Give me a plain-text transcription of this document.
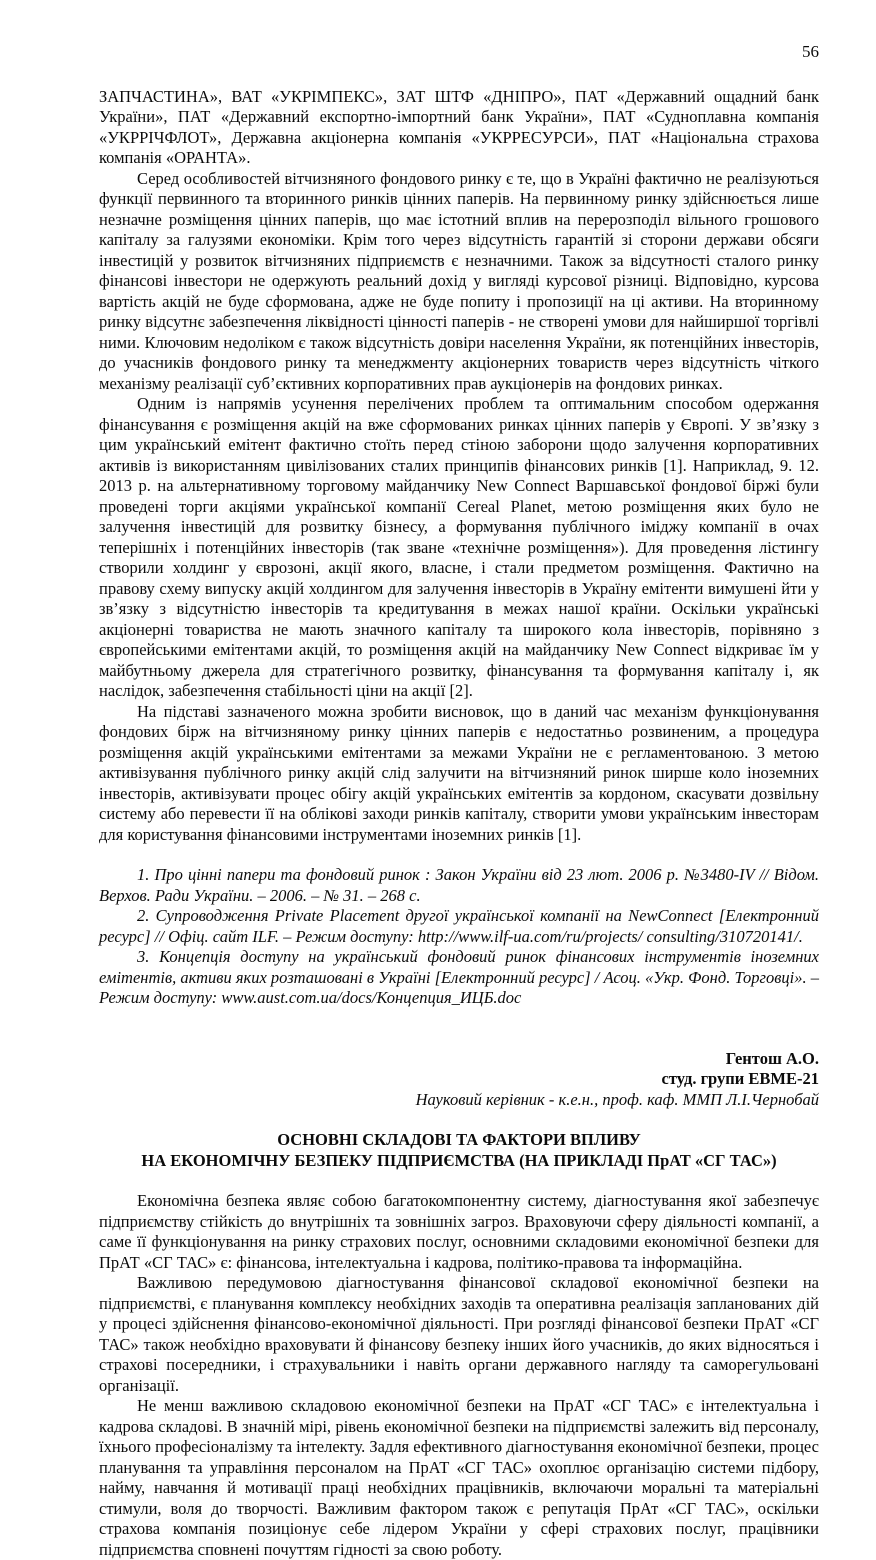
56

ЗАПЧАСТИНА», ВАТ «УКРІМПЕКС», ЗАТ ШТФ «ДНІПРО», ПАТ «Державний ощадний банк України», ПАТ «Державний експортно-імпортний банк України», ПАТ «Судноплавна компанія «УКРРІЧФЛОТ», Державна акціонерна компанія «УКРРЕСУРСИ», ПАТ «Національна страхова компанія «ОРАНТА».

Серед особливостей вітчизняного фондового ринку є те, що в Україні фактично не реалізуються функції первинного та вторинного ринків цінних паперів. На первинному ринку здійснюється лише незначне розміщення цінних паперів, що має істотний вплив на перерозподіл вільного грошового капіталу за галузями економіки. Крім того через відсутність гарантій зі сторони держави обсяги інвестицій у розвиток вітчизняних підприємств є незначними. Також за відсутності сталого ринку фінансові інвестори не одержують реальний дохід у вигляді курсової різниці. Відповідно, курсова вартість акцій не буде сформована, адже не буде попиту і пропозиції на ці активи. На вторинному ринку відсутнє забезпечення ліквідності цінності паперів - не створені умови для найширшої торгівлі ними. Ключовим недоліком є також відсутність довіри населення України, як потенційних інвесторів, до учасників фондового ринку та менеджменту акціонерних товариств через відсутність чіткого механізму реалізації суб’єктивних корпоративних прав аукціонерів на фондових ринках.

Одним із напрямів усунення перелічених проблем та оптимальним способом одержання фінансування є розміщення акцій на вже сформованих ринках цінних паперів у Європі. У зв’язку з цим український емітент фактично стоїть перед стіною заборони щодо залучення корпоративних активів із використанням цивілізованих сталих принципів фінансових ринків [1]. Наприклад, 9. 12. 2013 р. на альтернативному торговому майданчику New Connect Варшавської фондової біржі були проведені торги акціями української компанії Cereal Planet, метою розміщення яких було не залучення інвестицій для розвитку бізнесу, а формування публічного іміджу компанії в очах теперішніх і потенційних інвесторів (так зване «технічне розміщення»). Для проведення лістингу створили холдинг у єврозоні, акції якого, власне, і стали предметом розміщення. Фактично на правову схему випуску акцій холдингом для залучення інвесторів в Україну емітенти вимушені йти у зв’язку з відсутністю інвесторів та кредитування в межах нашої країни. Оскільки українські акціонерні товариства не мають значного капіталу та широкого кола інвесторів, порівняно з європейськими емітентами акцій, то розміщення акцій на майданчику New Connect відкриває їм у майбутньому джерела для стратегічного розвитку, фінансування та формування капіталу і, як наслідок, забезпечення стабільності ціни на акції [2].

На підставі зазначеного можна зробити висновок, що в даний час механізм функціонування фондових бірж на вітчизняному ринку цінних паперів є недостатньо розвиненим, а процедура розміщення акцій українськими емітентами за межами України не є регламентованою. З метою активізування публічного ринку акцій слід залучити на вітчизняний ринок ширше коло іноземних інвесторів, активізувати процес обігу акцій українських емітентів за кордоном, скасувати дозвільну систему або перевести її на облікові заходи ринків капіталу, створити умови українським інвесторам для користування фінансовими інструментами іноземних ринків [1].

1. Про цінні папери та фондовий ринок : Закон України від 23 лют. 2006 р. №3480-IV // Відом. Верхов. Ради України. – 2006. – № 31. – 268 с.

2. Супроводження Private Placement другої української компанії на NewConnect [Електронний ресурс] // Офіц. сайт ILF. – Режим доступу: http://www.ilf-ua.com/ru/projects/ consulting/310720141/.

3. Концепція доступу на український фондовий ринок фінансових інструментів іноземних емітентів, активи яких розташовані в Україні [Електронний ресурс] / Асоц. «Укр. Фонд. Торговці». – Режим доступу: www.aust.com.ua/docs/Концепция_ИЦБ.doc

Гентош А.О.

студ. групи ЕВМЕ-21

Науковий керівник - к.е.н., проф. каф. ММП Л.І.Чернобай

ОСНОВНІ СКЛАДОВІ ТА ФАКТОРИ ВПЛИВУ

НА ЕКОНОМІЧНУ БЕЗПЕКУ ПІДПРИЄМСТВА (НА ПРИКЛАДІ ПрАТ «СГ ТАС»)

Економічна безпека являє собою багатокомпонентну систему, діагностування якої забезпечує підприємству стійкість до внутрішніх та зовнішніх загроз. Враховуючи сферу діяльності компанії, а саме її функціонування на ринку страхових послуг, основними складовими економічної безпеки для ПрАТ «СГ ТАС» є: фінансова, інтелектуальна і кадрова, політико-правова та інформаційна.

Важливою передумовою діагностування фінансової складової економічної безпеки на підприємстві, є планування комплексу необхідних заходів та оперативна реалізація запланованих дій у процесі здійснення фінансово-економічної діяльності. При розгляді фінансової безпеки ПрАТ «СГ ТАС» також необхідно враховувати й фінансову безпеку інших його учасників, до яких відносяться і страхові посередники, і страхувальники і навіть органи державного нагляду та саморегульовані організації.

Не менш важливою складовою економічної безпеки на ПрАТ «СГ ТАС» є інтелектуальна і кадрова складові. В значній мірі, рівень економічної безпеки на підприємстві залежить від персоналу, їхнього професіоналізму та інтелекту. Задля ефективного діагностування економічної безпеки, процес планування та управління персоналом на ПрАТ «СГ ТАС» охоплює організацію системи підбору, найму, навчання й мотивації праці необхідних працівників, включаючи моральні та матеріальні стимули, воля до творчості. Важливим фактором також є репутація ПрАт «СГ ТАС», оскільки страхова компанія позиціонує себе лідером України у сфері страхових послуг, працівники підприємства сповнені почуттям гідності за свою роботу.
